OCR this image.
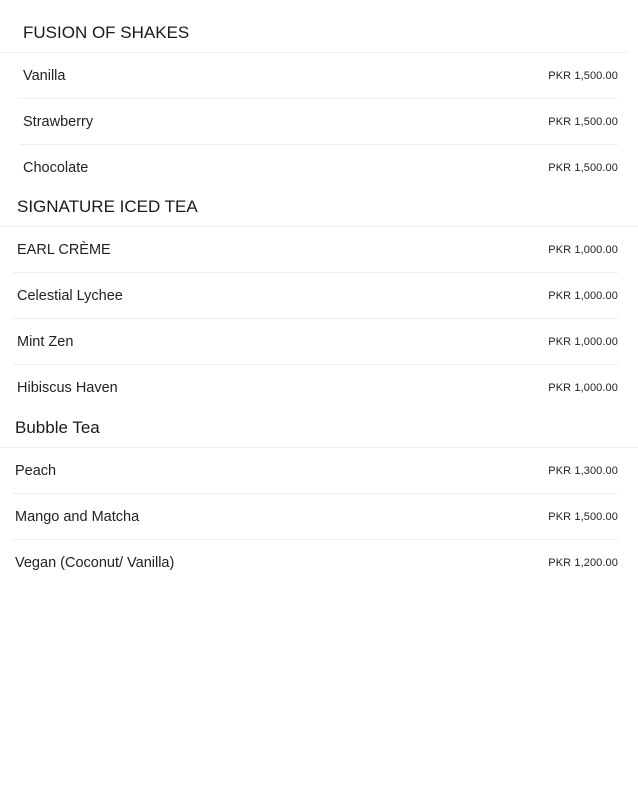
FUSION OF SHAKES
Vanilla	PKR 1,500.00
Strawberry	PKR 1,500.00
Chocolate	PKR 1,500.00
SIGNATURE ICED TEA
EARL CRÈME	PKR 1,000.00
Celestial Lychee	PKR 1,000.00
Mint Zen	PKR 1,000.00
Hibiscus Haven	PKR 1,000.00
Bubble Tea
Peach	PKR 1,300.00
Mango and Matcha	PKR 1,500.00
Vegan (Coconut/ Vanilla)	PKR 1,200.00
